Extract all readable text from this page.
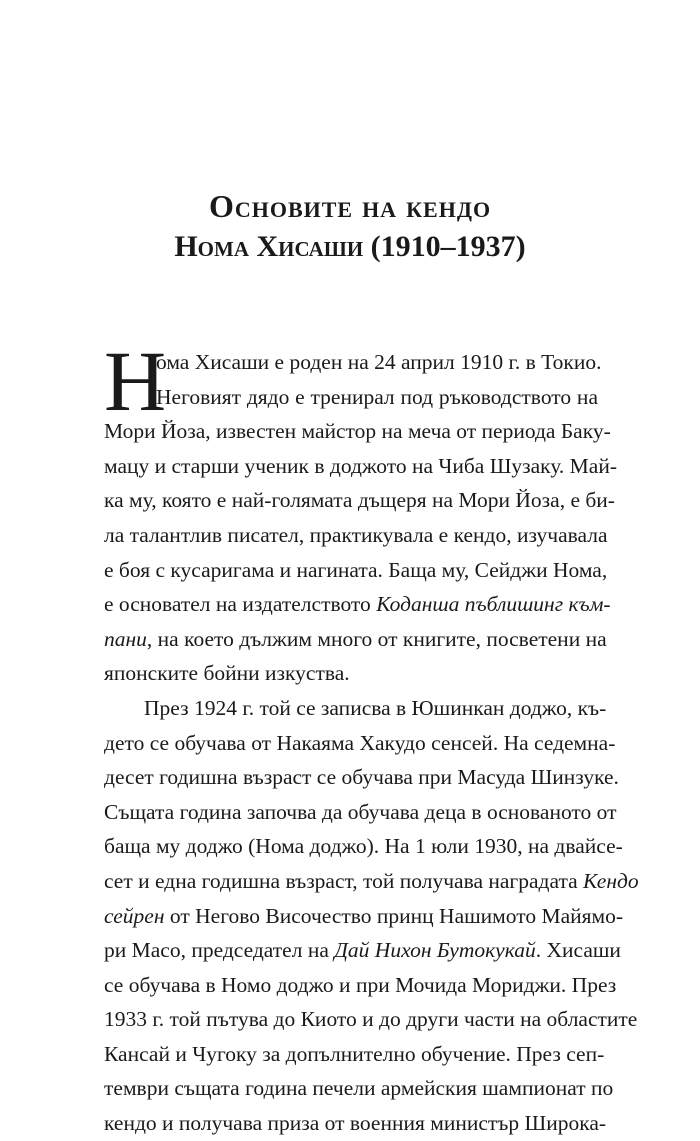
Основите на кендо
Нома Хисаши (1910–1937)
Н
ома Хисаши е роден на 24 април 1910 г. в Токио.
Неговият дядо е тренирал под ръководството на
Мори Йоза, известен майстор на меча от периода Баку-
мацу и старши ученик в доджото на Чиба Шузаку. Май-
ка му, която е най-голямата дъщеря на Мори Йоза, е би-
ла талантлив писател, практикувала е кендо, изучавала
е боя с кусаригама и нагината. Баща му, Сейджи Нома,
е основател на издателството Коданша пъблишинг към-
пани, на което дължим много от книгите, посветени на
японските бойни изкуства.
През 1924 г. той се записва в Юшинкан доджо, къ-
дето се обучава от Накаяма Хакудо сенсей. На седемна-
десет годишна възраст се обучава при Масуда Шинзуке.
Същата година започва да обучава деца в основаното от
баща му доджо (Нома доджо). На 1 юли 1930, на двайсе-
сет и една годишна възраст, той получава наградата Кендо
сейрен от Негово Височество принц Нашимото Майямо-
ри Масо, председател на Дай Нихон Бутокукай. Хисаши
се обучава в Номо доджо и при Мочида Мориджи. През
1933 г. той пътува до Киото и до други части на областите
Кансай и Чугоку за допълнително обучение. През сеп-
тември същата година печели армейския шампионат по
кендо и получава приза от военния министър Широка-
